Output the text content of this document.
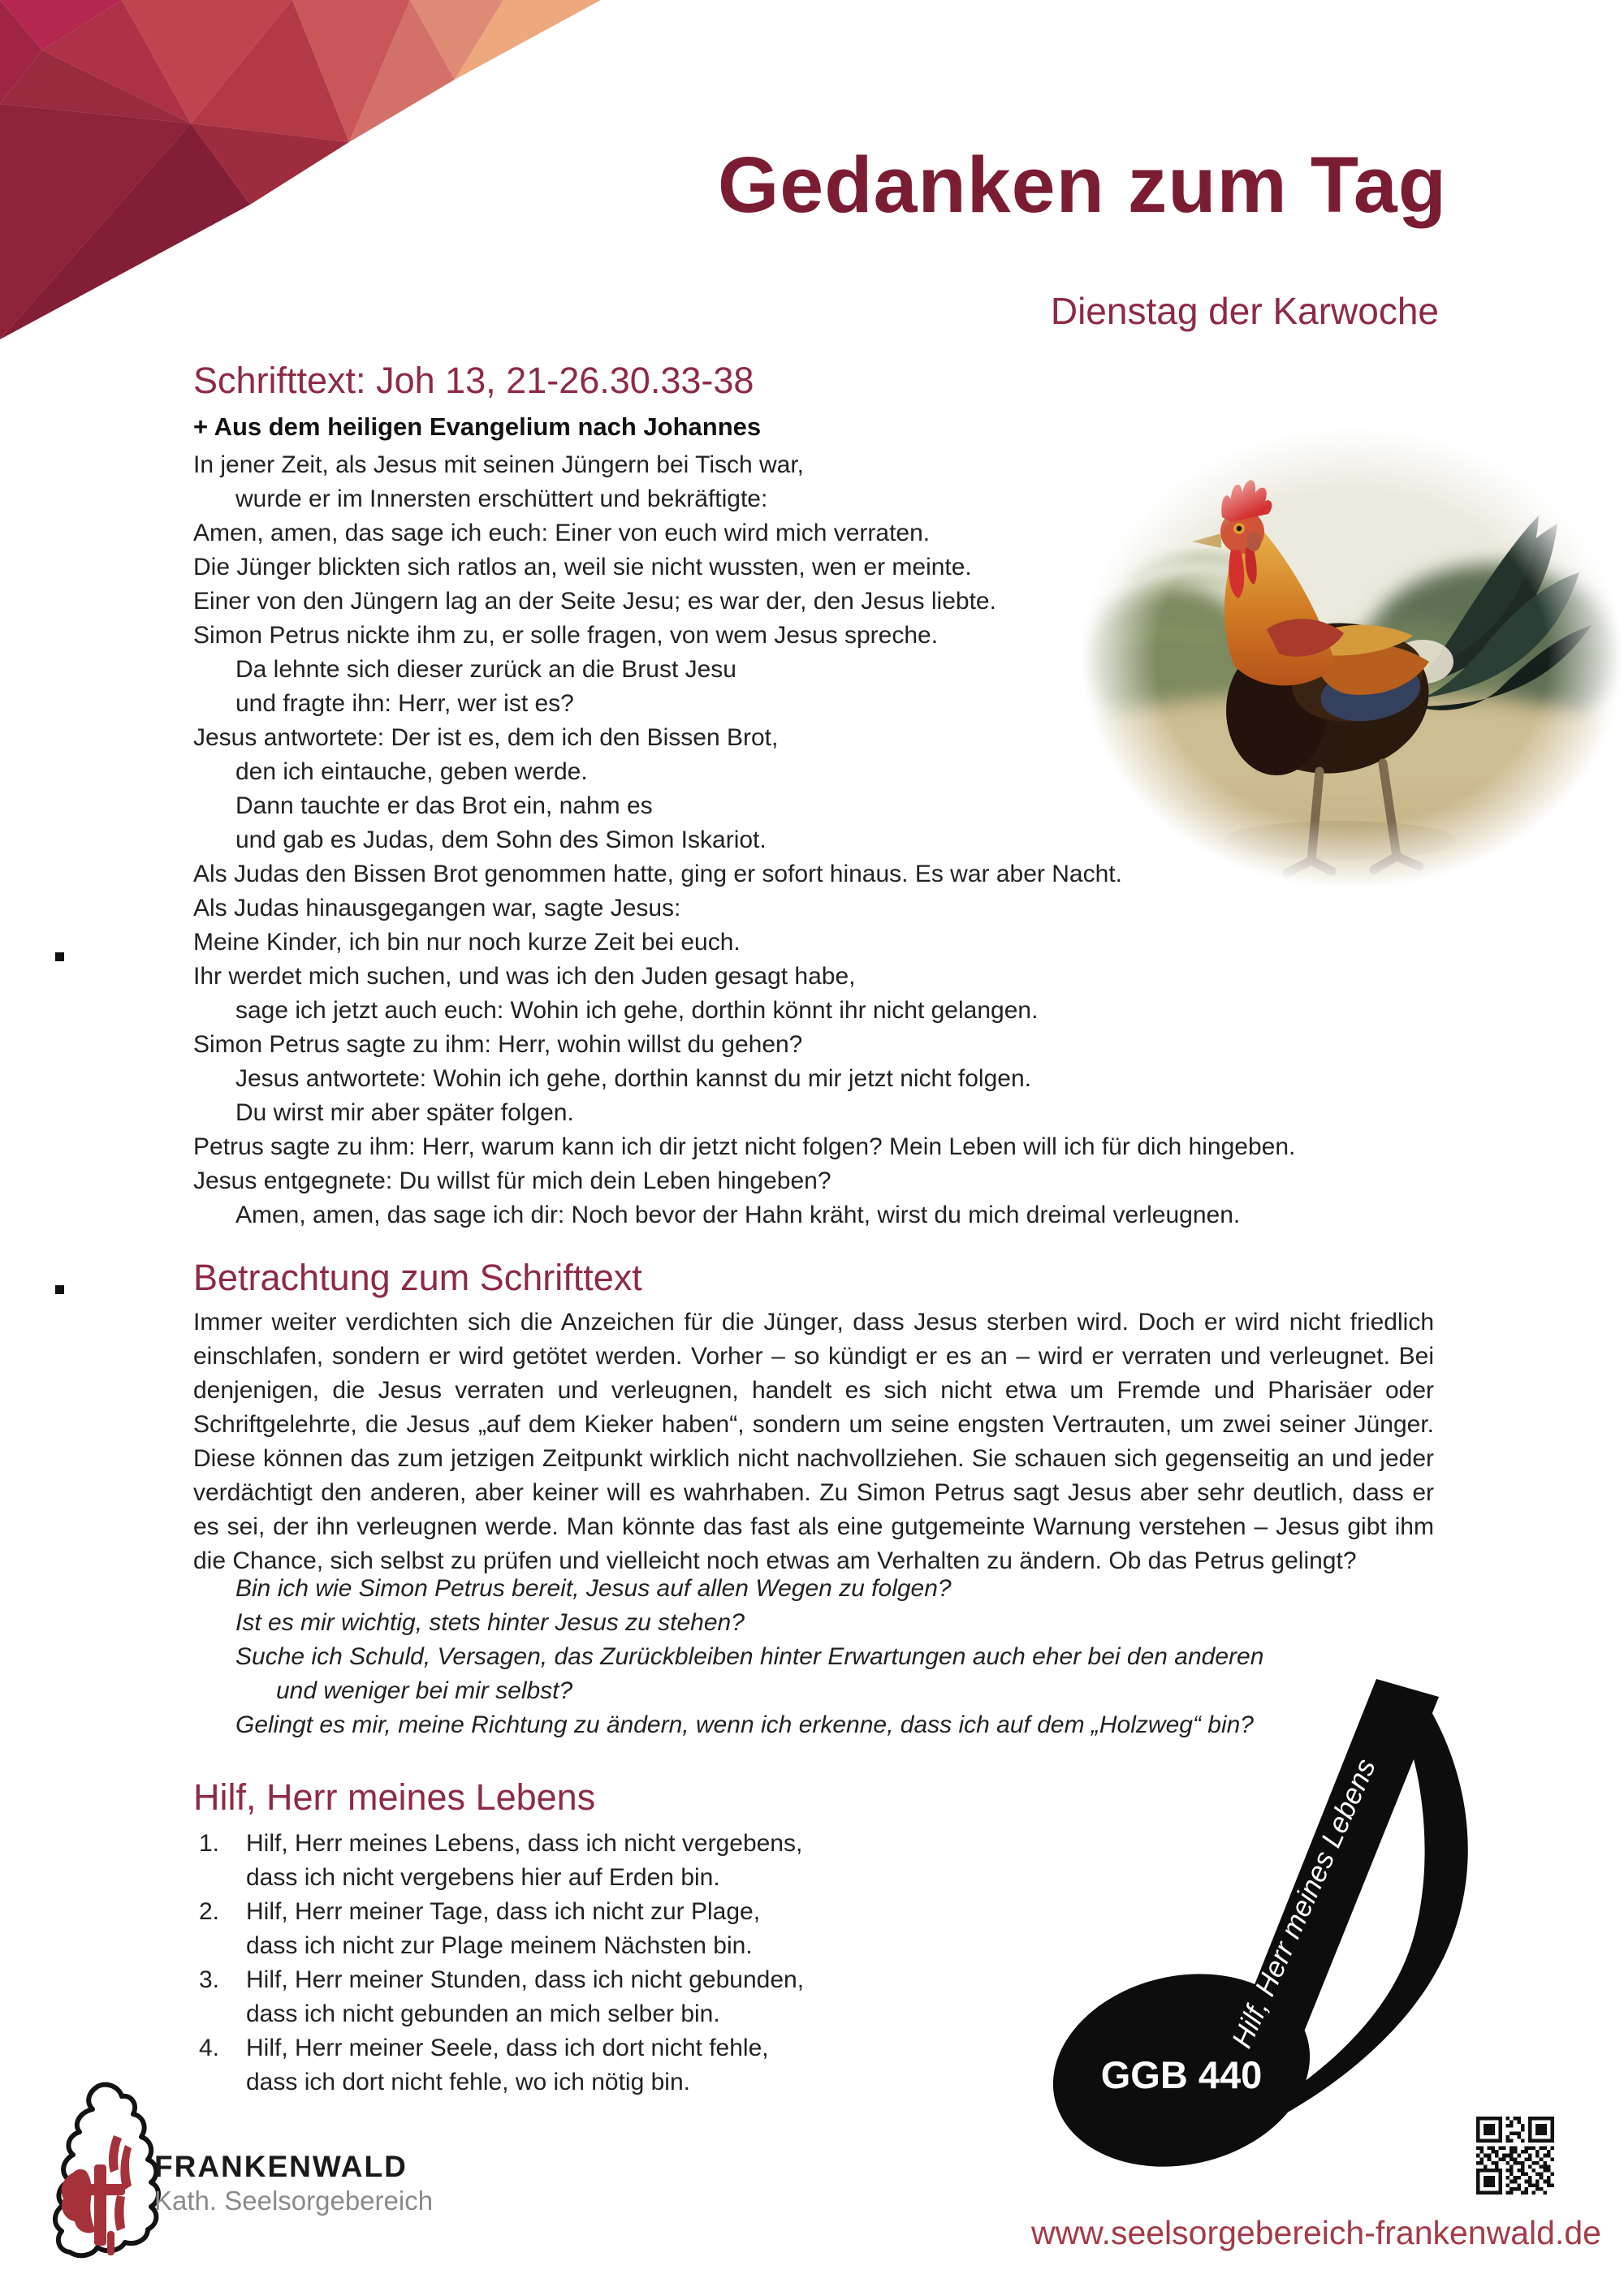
Gedanken zum Tag
Dienstag der Karwoche
Schrifttext: Joh 13, 21-26.30.33-38
+ Aus dem heiligen Evangelium nach Johannes
In jener Zeit, als Jesus mit seinen Jüngern bei Tisch war,
wurde er im Innersten erschüttert und bekräftigte:
Amen, amen, das sage ich euch: Einer von euch wird mich verraten.
Die Jünger blickten sich ratlos an, weil sie nicht wussten, wen er meinte.
Einer von den Jüngern lag an der Seite Jesu; es war der, den Jesus liebte.
Simon Petrus nickte ihm zu, er solle fragen, von wem Jesus spreche.
Da lehnte sich dieser zurück an die Brust Jesu
und fragte ihn: Herr, wer ist es?
Jesus antwortete: Der ist es, dem ich den Bissen Brot,
den ich eintauche, geben werde.
Dann tauchte er das Brot ein, nahm es
und gab es Judas, dem Sohn des Simon Iskariot.
Als Judas den Bissen Brot genommen hatte, ging er sofort hinaus. Es war aber Nacht.
Als Judas hinausgegangen war, sagte Jesus:
Meine Kinder, ich bin nur noch kurze Zeit bei euch.
Ihr werdet mich suchen, und was ich den Juden gesagt habe,
sage ich jetzt auch euch: Wohin ich gehe, dorthin könnt ihr nicht gelangen.
Simon Petrus sagte zu ihm: Herr, wohin willst du gehen?
Jesus antwortete: Wohin ich gehe, dorthin kannst du mir jetzt nicht folgen.
Du wirst mir aber später folgen.
Petrus sagte zu ihm: Herr, warum kann ich dir jetzt nicht folgen? Mein Leben will ich für dich hingeben.
Jesus entgegnete: Du willst für mich dein Leben hingeben?
Amen, amen, das sage ich dir: Noch bevor der Hahn kräht, wirst du mich dreimal verleugnen.
Betrachtung zum Schrifttext
Immer weiter verdichten sich die Anzeichen für die Jünger, dass Jesus sterben wird. Doch er wird nicht friedlich einschlafen, sondern er wird getötet werden. Vorher – so kündigt er es an – wird er verraten und verleugnet. Bei denjenigen, die Jesus verraten und verleugnen, handelt es sich nicht etwa um Fremde und Pharisäer oder Schriftgelehrte, die Jesus „auf dem Kieker haben“, sondern um seine engsten Vertrauten, um zwei seiner Jünger. Diese können das zum jetzigen Zeitpunkt wirklich nicht nachvollziehen. Sie schauen sich gegenseitig an und jeder verdächtigt den anderen, aber keiner will es wahrhaben. Zu Simon Petrus sagt Jesus aber sehr deutlich, dass er es sei, der ihn verleugnen werde. Man könnte das fast als eine gutgemeinte Warnung verstehen – Jesus gibt ihm die Chance, sich selbst zu prüfen und vielleicht noch etwas am Verhalten zu ändern. Ob das Petrus gelingt?
Bin ich wie Simon Petrus bereit, Jesus auf allen Wegen zu folgen?
Ist es mir wichtig, stets hinter Jesus zu stehen?
Suche ich Schuld, Versagen, das Zurückbleiben hinter Erwartungen auch eher bei den anderen
und weniger bei mir selbst?
Gelingt es mir, meine Richtung zu ändern, wenn ich erkenne, dass ich auf dem „Holzweg“ bin?
Hilf, Herr meines Lebens
1. Hilf, Herr meines Lebens, dass ich nicht vergebens,
dass ich nicht vergebens hier auf Erden bin.
2. Hilf, Herr meiner Tage, dass ich nicht zur Plage,
dass ich nicht zur Plage meinem Nächsten bin.
3. Hilf, Herr meiner Stunden, dass ich nicht gebunden,
dass ich nicht gebunden an mich selber bin.
4. Hilf, Herr meiner Seele, dass ich dort nicht fehle,
dass ich dort nicht fehle, wo ich nötig bin.
Hilf, Herr meines Lebens
GGB 440
FRANKENWALD
Kath. Seelsorgebereich
www.seelsorgebereich-frankenwald.de
